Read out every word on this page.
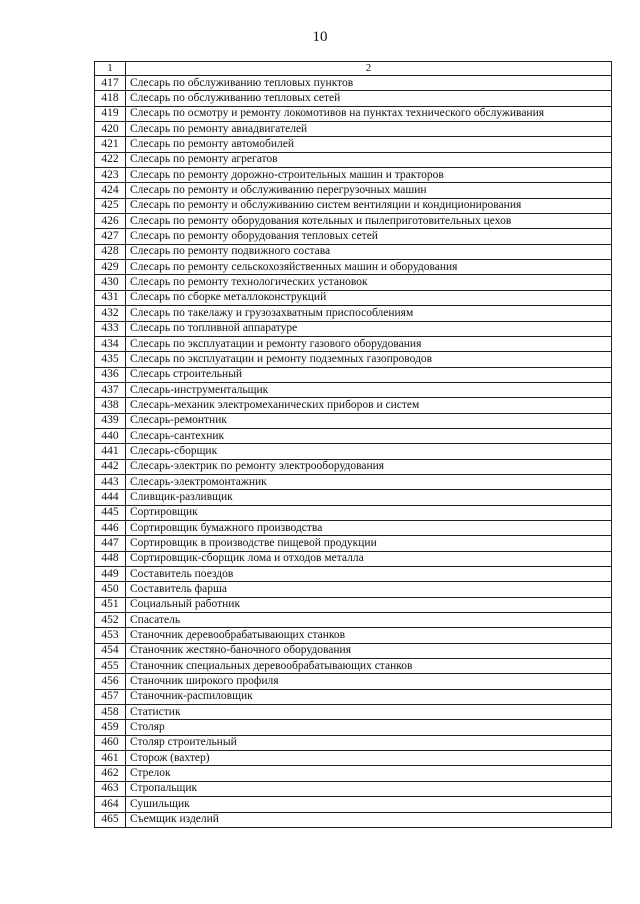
10
1	2
417	Слесарь по обслуживанию тепловых пунктов
418	Слесарь по обслуживанию тепловых сетей
419	Слесарь по осмотру и ремонту локомотивов на пунктах технического обслуживания
420	Слесарь по ремонту авиадвигателей
421	Слесарь по ремонту автомобилей
422	Слесарь по ремонту агрегатов
423	Слесарь по ремонту дорожно-строительных машин и тракторов
424	Слесарь по ремонту и обслуживанию перегрузочных машин
425	Слесарь по ремонту и обслуживанию систем вентиляции и кондиционирования
426	Слесарь по ремонту оборудования котельных и пылеприготовительных цехов
427	Слесарь по ремонту оборудования тепловых сетей
428	Слесарь по ремонту подвижного состава
429	Слесарь по ремонту сельскохозяйственных машин и оборудования
430	Слесарь по ремонту технологических установок
431	Слесарь по сборке металлоконструкций
432	Слесарь по такелажу и грузозахватным приспособлениям
433	Слесарь по топливной аппаратуре
434	Слесарь по эксплуатации и ремонту газового оборудования
435	Слесарь по эксплуатации и ремонту подземных газопроводов
436	Слесарь строительный
437	Слесарь-инструментальщик
438	Слесарь-механик электромеханических приборов и систем
439	Слесарь-ремонтник
440	Слесарь-сантехник
441	Слесарь-сборщик
442	Слесарь-электрик по ремонту электрооборудования
443	Слесарь-электромонтажник
444	Сливщик-разливщик
445	Сортировщик
446	Сортировщик бумажного производства
447	Сортировщик в производстве пищевой продукции
448	Сортировщик-сборщик лома и отходов металла
449	Составитель поездов
450	Составитель фарша
451	Социальный работник
452	Спасатель
453	Станочник деревообрабатывающих станков
454	Станочник жестяно-баночного оборудования
455	Станочник специальных деревообрабатывающих станков
456	Станочник широкого профиля
457	Станочник-распиловщик
458	Статистик
459	Столяр
460	Столяр строительный
461	Сторож (вахтер)
462	Стрелок
463	Стропальщик
464	Сушильщик
465	Съемщик изделий
